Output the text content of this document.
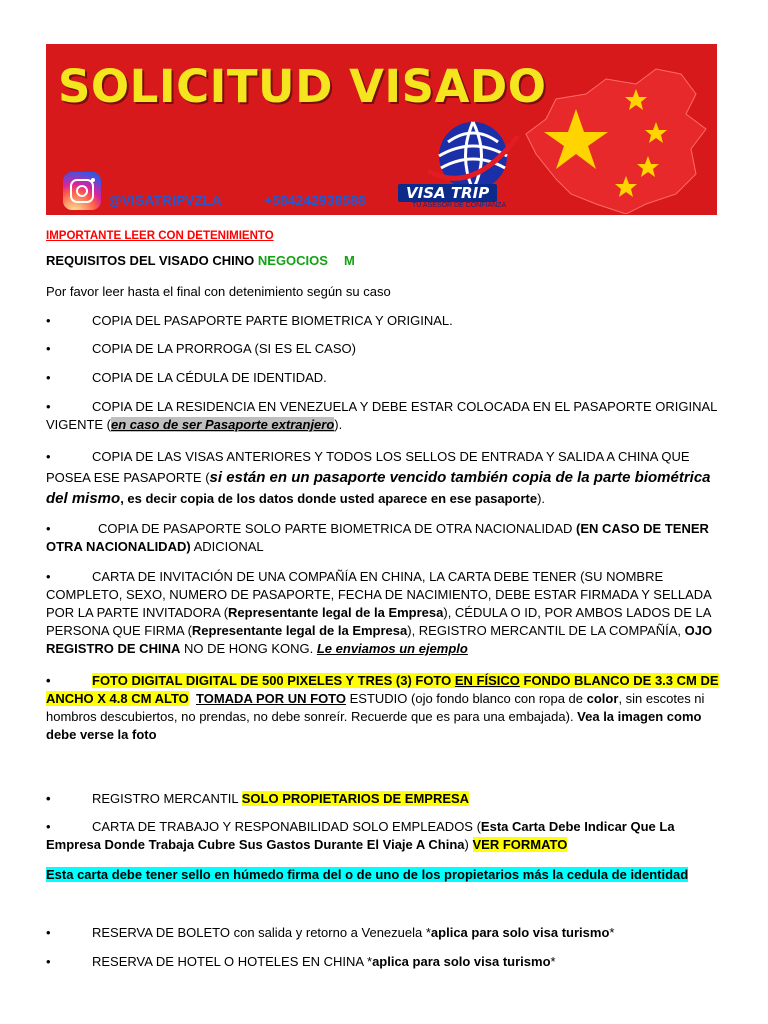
SOLICITUD VISADO
VISA TRIP
TU ASESOR DE CONFIANZA
@VISATRIPVZLA	+584242938588

IMPORTANTE LEER CON DETENIMIENTO

REQUISITOS DEL VISADO CHINO NEGOCIOS M

Por favor leer hasta el final con detenimiento según su caso

•	COPIA DEL PASAPORTE PARTE BIOMETRICA Y ORIGINAL.

•	COPIA DE LA PRORROGA (SI ES EL CASO)

•	COPIA DE LA CÉDULA DE IDENTIDAD.

•	COPIA DE LA RESIDENCIA EN VENEZUELA Y DEBE ESTAR COLOCADA EN EL PASAPORTE ORIGINAL VIGENTE (en caso de ser Pasaporte extranjero).

•	COPIA DE LAS VISAS ANTERIORES Y TODOS LOS SELLOS DE ENTRADA Y SALIDA A CHINA QUE POSEA ESE PASAPORTE (si están en un pasaporte vencido también copia de la parte biométrica del mismo, es decir copia de los datos donde usted aparece en ese pasaporte).

•	COPIA DE PASAPORTE SOLO PARTE BIOMETRICA DE OTRA NACIONALIDAD (EN CASO DE TENER OTRA NACIONALIDAD) ADICIONAL

•	CARTA DE INVITACIÓN DE UNA COMPAÑÍA EN CHINA, LA CARTA DEBE TENER (SU NOMBRE COMPLETO, SEXO, NUMERO DE PASAPORTE, FECHA DE NACIMIENTO, DEBE ESTAR FIRMADA Y SELLADA POR LA PARTE INVITADORA (Representante legal de la Empresa), CÉDULA O ID, POR AMBOS LADOS DE LA PERSONA QUE FIRMA (Representante legal de la Empresa), REGISTRO MERCANTIL DE LA COMPAÑÍA, OJO REGISTRO DE CHINA NO DE HONG KONG. Le enviamos un ejemplo

•	FOTO DIGITAL DIGITAL DE 500 PIXELES Y TRES (3) FOTO EN FÍSICO FONDO BLANCO DE 3.3 CM DE ANCHO X 4.8 CM ALTO TOMADA POR UN FOTO ESTUDIO (ojo fondo blanco con ropa de color, sin escotes ni hombros descubiertos, no prendas, no debe sonreír. Recuerde que es para una embajada). Vea la imagen como debe verse la foto

•	REGISTRO MERCANTIL SOLO PROPIETARIOS DE EMPRESA

•	CARTA DE TRABAJO Y RESPONABILIDAD SOLO EMPLEADOS (Esta Carta Debe Indicar Que La Empresa Donde Trabaja Cubre Sus Gastos Durante El Viaje A China) VER FORMATO

Esta carta debe tener sello en húmedo firma del o de uno de los propietarios más la cedula de identidad

•	RESERVA DE BOLETO con salida y retorno a Venezuela *aplica para solo visa turismo*

•	RESERVA DE HOTEL O HOTELES EN CHINA *aplica para solo visa turismo*
